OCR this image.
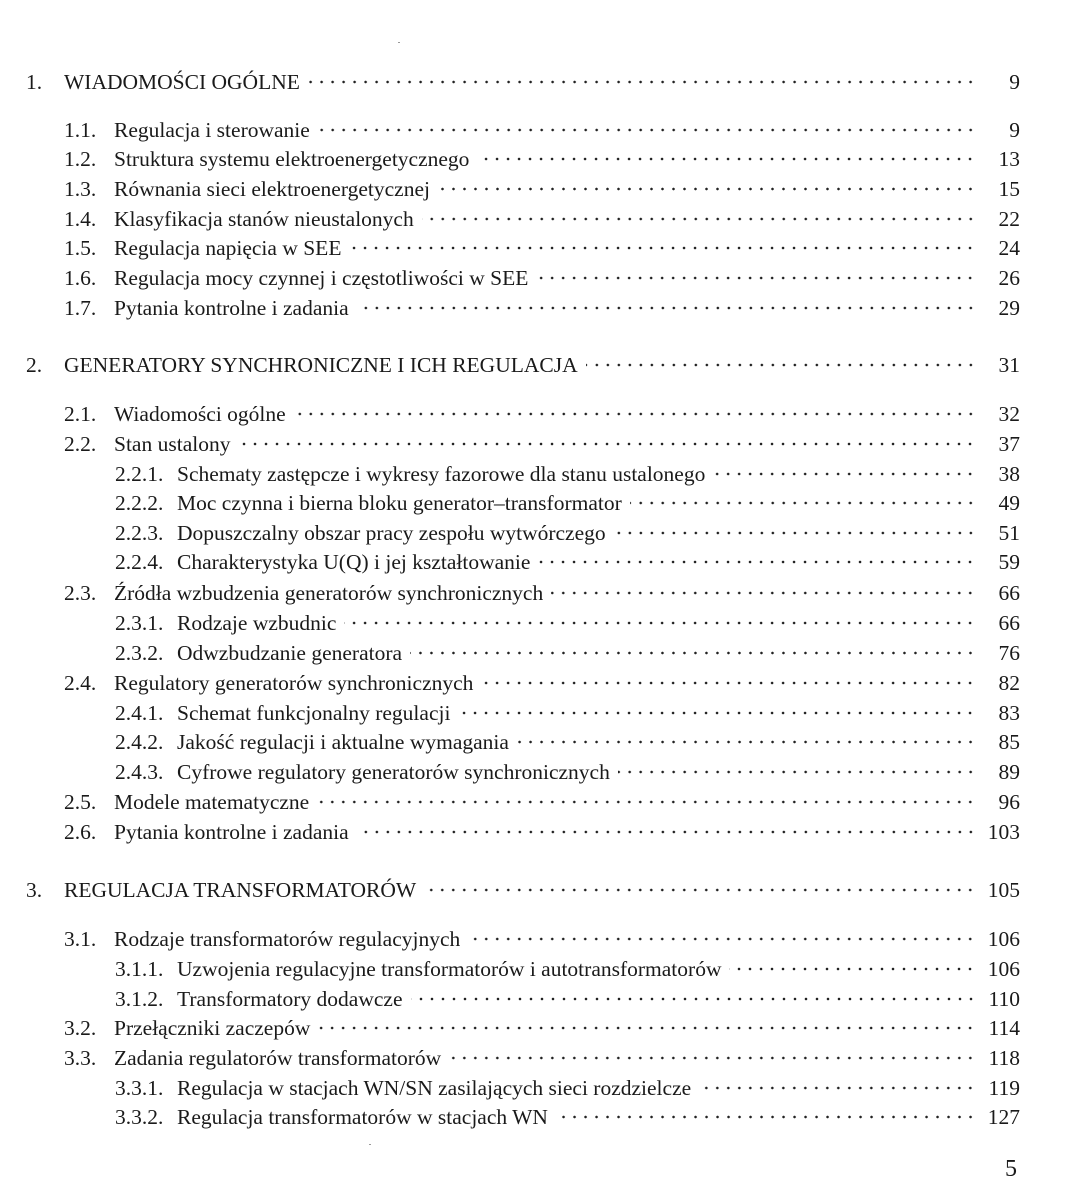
1.	WIADOMOŚCI OGÓLNE	9
1.1. Regulacja i sterowanie	9
1.2. Struktura systemu elektroenergetycznego	13
1.3. Równania sieci elektroenergetycznej	15
1.4. Klasyfikacja stanów nieustalonych	22
1.5. Regulacja napięcia w SEE	24
1.6. Regulacja mocy czynnej i częstotliwości w SEE	26
1.7. Pytania kontrolne i zadania	29
2.	GENERATORY SYNCHRONICZNE I ICH REGULACJA	31
2.1. Wiadomości ogólne	32
2.2. Stan ustalony	37
2.2.1. Schematy zastępcze i wykresy fazorowe dla stanu ustalonego	38
2.2.2. Moc czynna i bierna bloku generator–transformator	49
2.2.3. Dopuszczalny obszar pracy zespołu wytwórczego	51
2.2.4. Charakterystyka U(Q) i jej kształtowanie	59
2.3. Źródła wzbudzenia generatorów synchronicznych	66
2.3.1. Rodzaje wzbudnic	66
2.3.2. Odwzbudzanie generatora	76
2.4. Regulatory generatorów synchronicznych	82
2.4.1. Schemat funkcjonalny regulacji	83
2.4.2. Jakość regulacji i aktualne wymagania	85
2.4.3. Cyfrowe regulatory generatorów synchronicznych	89
2.5. Modele matematyczne	96
2.6. Pytania kontrolne i zadania	103
3.	REGULACJA TRANSFORMATORÓW	105
3.1. Rodzaje transformatorów regulacyjnych	106
3.1.1. Uzwojenia regulacyjne transformatorów i autotransformatorów	106
3.1.2. Transformatory dodawcze	110
3.2. Przełączniki zaczepów	114
3.3. Zadania regulatorów transformatorów	118
3.3.1. Regulacja w stacjach WN/SN zasilających sieci rozdzielcze	119
3.3.2. Regulacja transformatorów w stacjach WN	127
5
